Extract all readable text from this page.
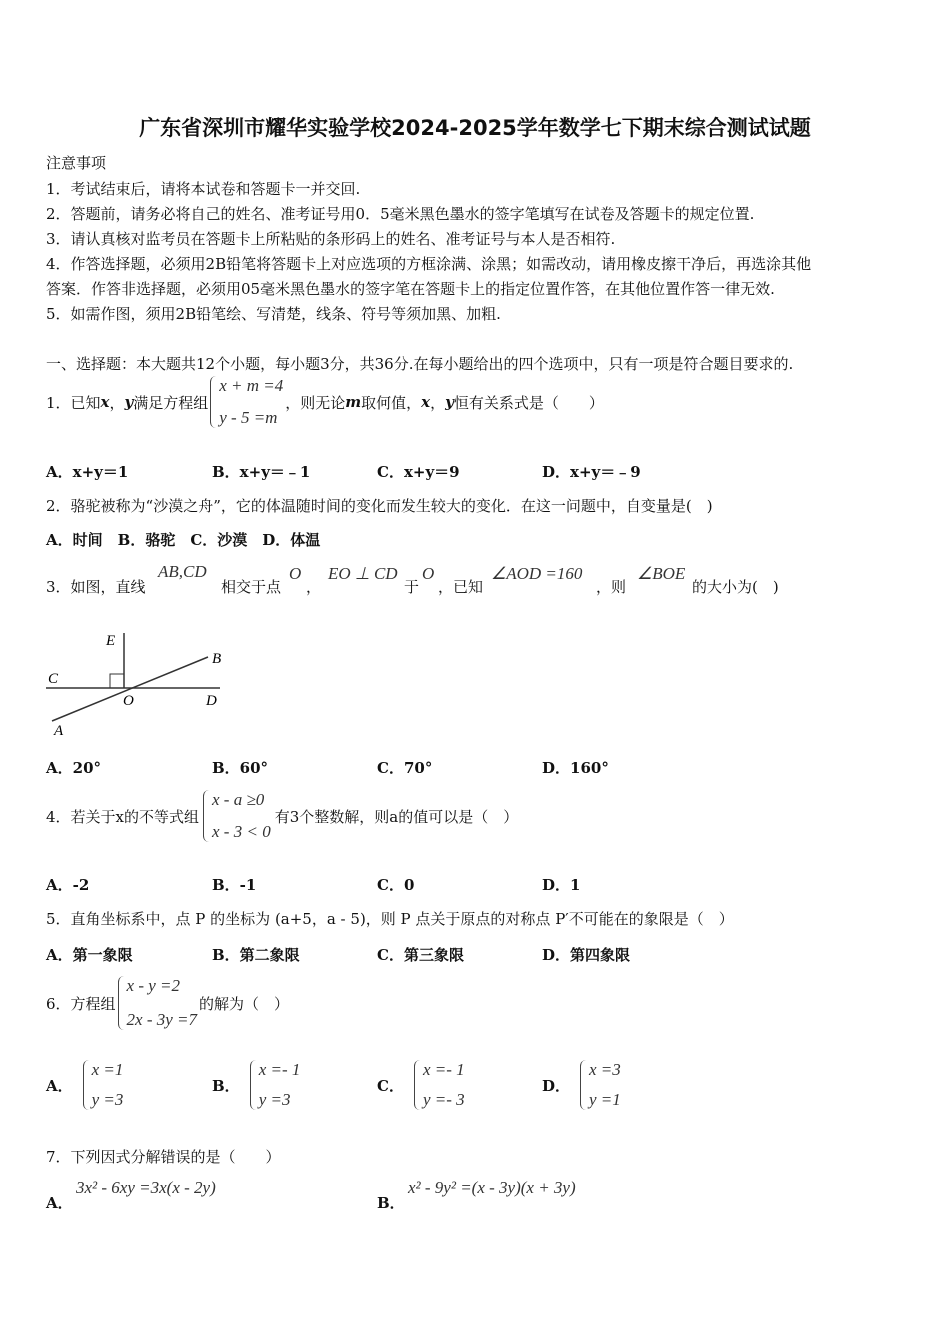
广东省深圳市耀华实验学校2024-2025学年数学七下期末综合测试试题
注意事项
1．考试结束后，请将本试卷和答题卡一并交回.
2．答题前，请务必将自己的姓名、准考证号用0．5毫米黑色墨水的签字笔填写在试卷及答题卡的规定位置.
3．请认真核对监考员在答题卡上所粘贴的条形码上的姓名、准考证号与本人是否相符.
4．作答选择题，必须用2B铅笔将答题卡上对应选项的方框涂满、涂黑；如需改动，请用橡皮擦干净后，再选涂其他
答案．作答非选择题，必须用05毫米黑色墨水的签字笔在答题卡上的指定位置作答，在其他位置作答一律无效.
5．如需作图，须用2B铅笔绘、写清楚，线条、符号等须加黑、加粗.
一、选择题：本大题共12个小题，每小题3分，共36分.在每小题给出的四个选项中，只有一项是符合题目要求的.
1．已知 x ， y 满足方程组
x + m =4
y - 5 =m
，则无论 m 取何值， x ， y 恒有关系式是（　　）
A．x+y＝1	B．x+y＝﹣1	C．x+y＝9	D．x+y＝﹣9
2．骆驼被称为“沙漠之舟”，它的体温随时间的变化而发生较大的变化．在这一问题中，自变量是(　)
A．时间　B．骆驼　C．沙漠　D．体温
3．如图，直线
AB,CD
相交于点
O
，
EO ⊥ CD
于
O
，已知
∠AOD =160
，则
∠BOE
的大小为(　)
E
B
C
O	D
A
A．20°	B．60°	C．70°	D．160°
4．若关于x的不等式组
x - a ≥0
x - 3 < 0
有3个整数解，则a的值可以是（　）
A．-2	B．-1	C．0	D．1
5．直角坐标系中，点 P 的坐标为 (a+5，a - 5)，则 P 点关于原点的对称点 P′不可能在的象限是（　）
A．第一象限	B．第二象限	C．第三象限	D．第四象限
6．方程组
x - y =2
2x - 3y =7
的解为（　）
A．
x =1
y =3
B．
x =- 1
y =3
C．
x =- 1
y =- 3
D．
x =3
y =1
7．下列因式分解错误的是（　　）
A．
3x² - 6xy =3x(x - 2y)
B．
x² - 9y² =(x - 3y)(x + 3y)
